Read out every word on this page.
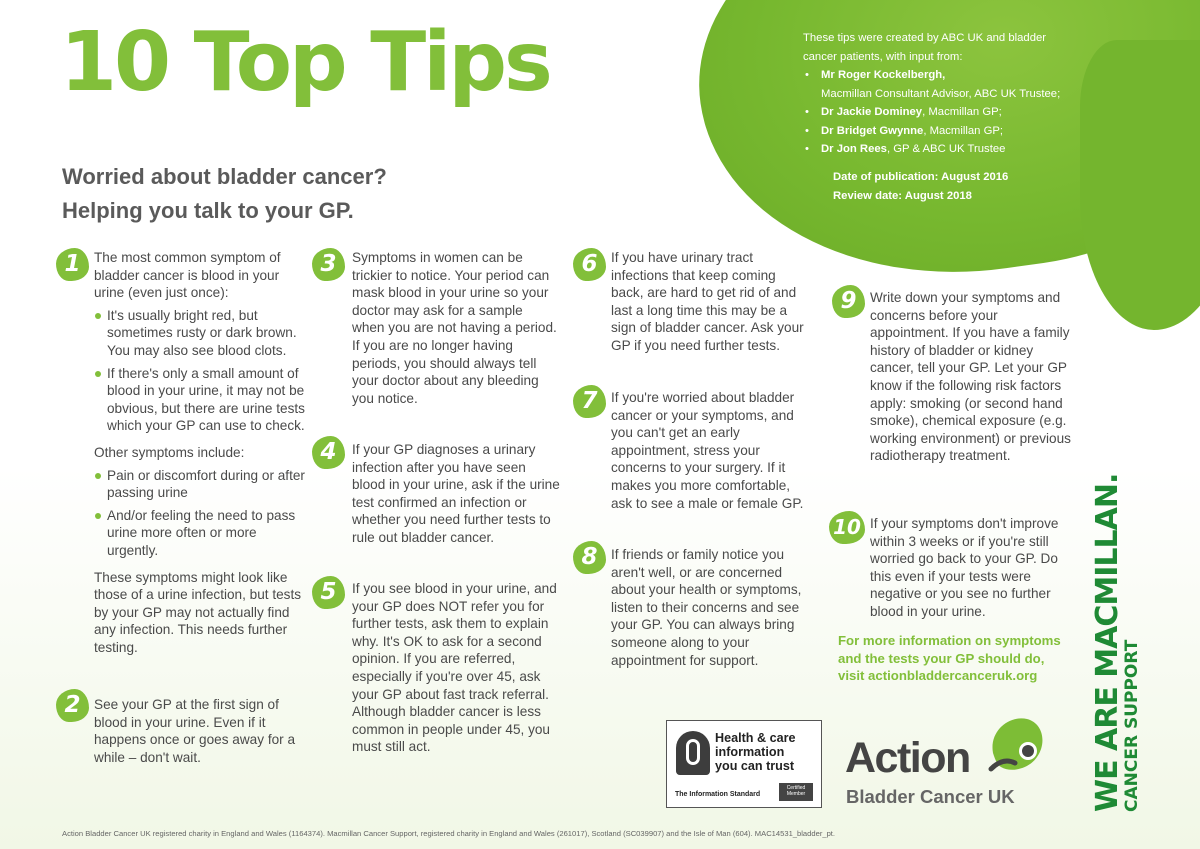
10 Top Tips
Worried about bladder cancer?
Helping you talk to your GP.

These tips were created by ABC UK and bladder cancer patients, with input from:

• Mr Roger Kockelbergh,
Macmillan Consultant Advisor, ABC UK Trustee;
• Dr Jackie Dominey, Macmillan GP;
• Dr Bridget Gwynne, Macmillan GP;
• Dr Jon Rees, GP & ABC UK Trustee
Date of publication: August 2016
Review date: August 2018
1 The most common symptom of bladder cancer is blood in your urine (even just once):

It's usually bright red, but sometimes rusty or dark brown. You may also see blood clots.
If there's only a small amount of blood in your urine, it may not be obvious, but there are urine tests which your GP can use to check.

Other symptoms include:

Pain or discomfort during or after passing urine
And/or feeling the need to pass urine more often or more urgently.

These symptoms might look like those of a urine infection, but tests by your GP may not actually find any infection. This needs further testing.

2 See your GP at the first sign of blood in your urine. Even if it happens once or goes away for a while – don't wait.

3	Symptoms in women can be trickier to notice. Your period can mask blood in your urine so your doctor may ask for a sample when you are not having a period. If you are no longer having periods, you should always tell your doctor about any bleeding you notice.

4	If your GP diagnoses a urinary infection after you have seen blood in your urine, ask if the urine test confirmed an infection or whether you need further tests to rule out bladder cancer.

5	If you see blood in your urine, and your GP does NOT refer you for further tests, ask them to explain why. It's OK to ask for a second opinion. If you are referred, especially if you're over 45, ask your GP about fast track referral. Although bladder cancer is less common in people under 45, you must still act.

6 If you have urinary tract infections that keep coming back, are hard to get rid of and last a long time this may be a sign of bladder cancer. Ask your GP if you need further tests.

7 If you're worried about bladder cancer or your symptoms, and you can't get an early appointment, stress your concerns to your surgery. If it makes you more comfortable, ask to see a male or female GP.

8 If friends or family notice you aren't well, or are concerned about your health or symptoms, listen to their concerns and see your GP. You can always bring someone along to your appointment for support.

9 Write down your symptoms and concerns before your appointment. If you have a family history of bladder or kidney cancer, tell your GP. Let your GP know if the following risk factors apply: smoking (or second hand smoke), chemical exposure (e.g. working environment) or previous radiotherapy treatment.

10 If your symptoms don't improve within 3 weeks or if you're still worried go back to your GP. Do this even if your tests were negative or you see no further blood in your urine.

For more information on symptoms

and the tests your GP should do,

visit actionbladdercanceruk.org

Health & care
information
you can trust
The Information Standard
Certified Member
Action
Bladder Cancer UK	WE ARE MACMILLAN.
CANCER SUPPORT
Action Bladder Cancer UK registered charity in England and Wales (1164374). Macmillan Cancer Support, registered charity in England and Wales (261017), Scotland (SC039907) and the Isle of Man (604). MAC14531_bladder_pt.
